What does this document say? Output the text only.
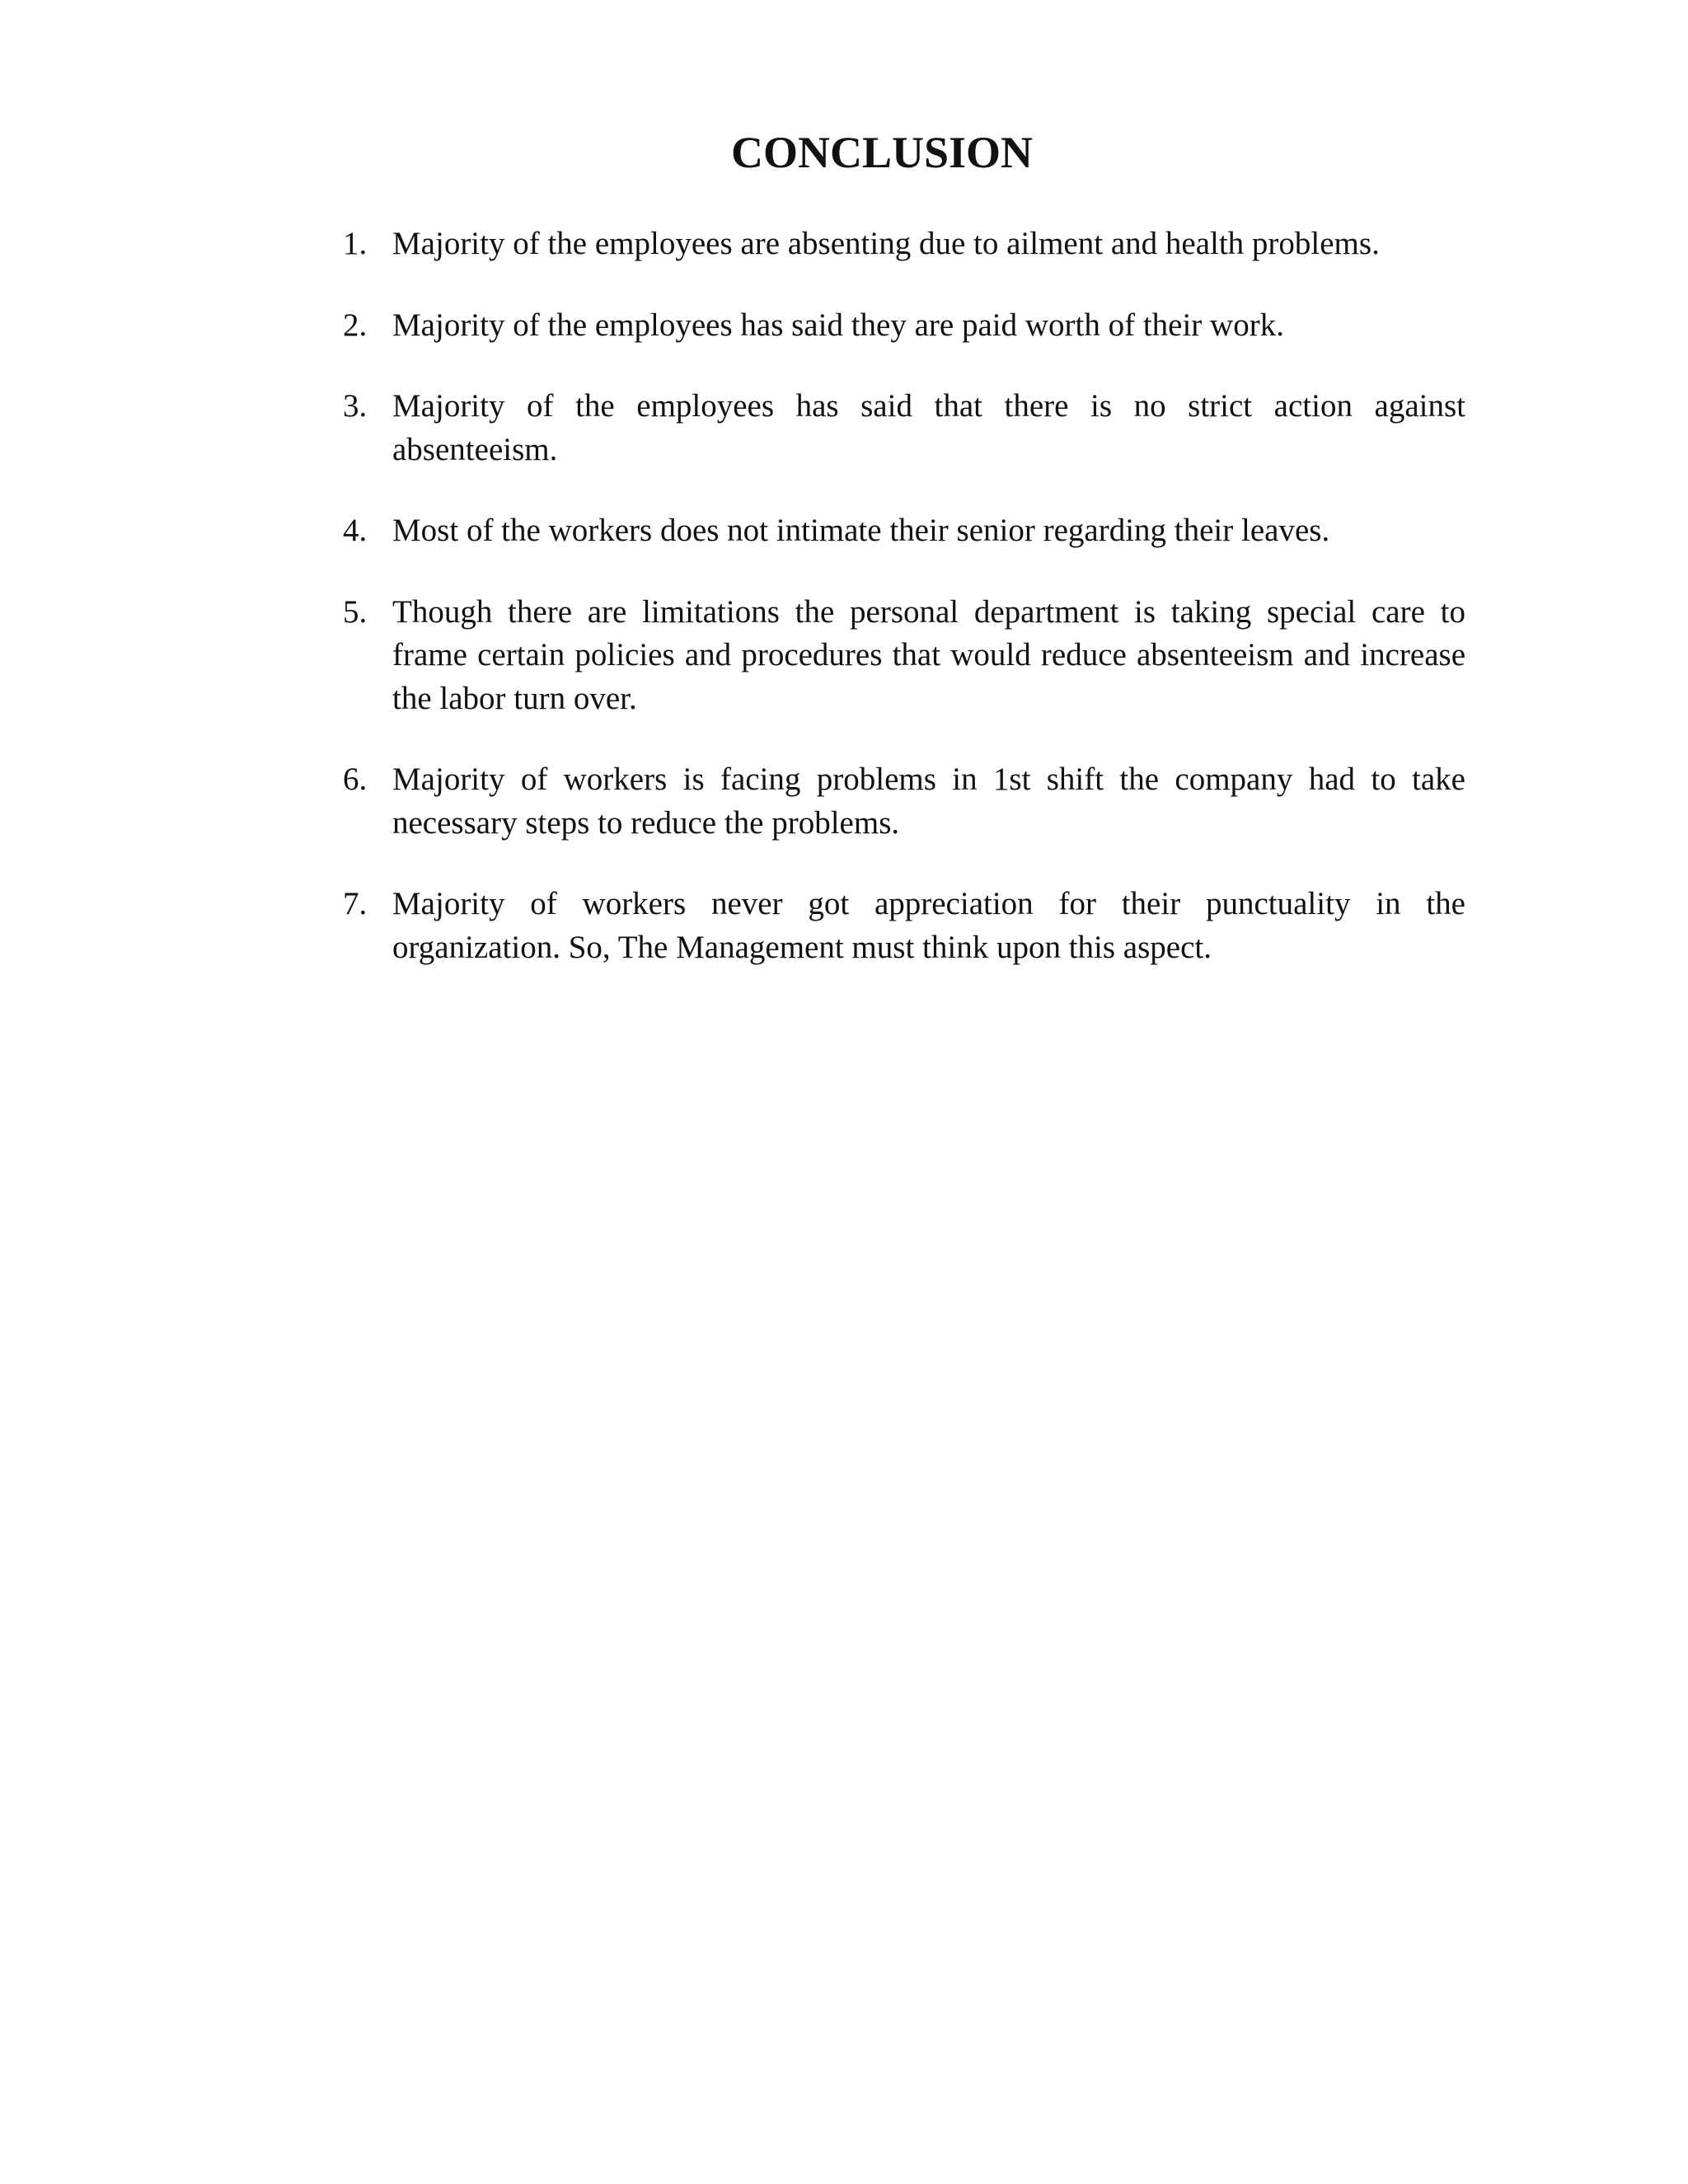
CONCLUSION
1. Majority of the employees are absenting due to ailment and health problems.
2. Majority of the employees has said they are paid worth of their work.
3. Majority of the employees has said that there is no strict action against absenteeism.
4. Most of the workers does not intimate their senior regarding their leaves.
5. Though there are limitations the personal department is taking special care to frame certain policies and procedures that would reduce absenteeism and increase the labor turn over.
6. Majority of workers is facing problems in 1st shift the company had to take necessary steps to reduce the problems.
7. Majority of workers never got appreciation for their punctuality in the organization. So, The Management must think upon this aspect.
